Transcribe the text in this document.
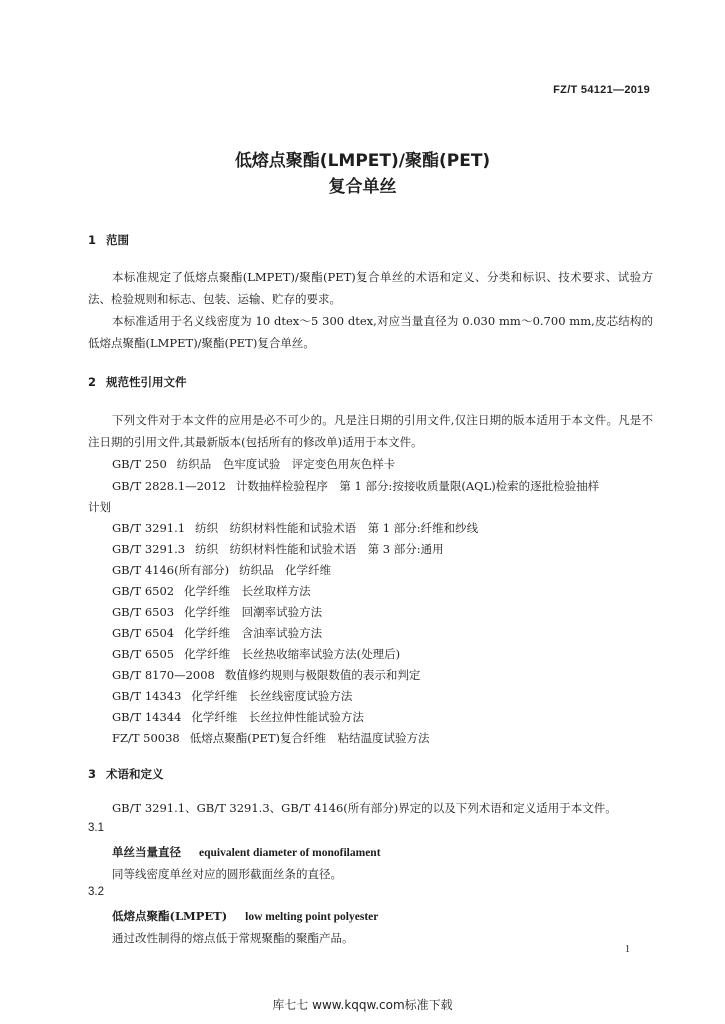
FZ/T 54121—2019
低熔点聚酯(LMPET)/聚酯(PET)
复合单丝
1 范围
本标准规定了低熔点聚酯(LMPET)/聚酯(PET)复合单丝的术语和定义、分类和标识、技术要求、试验方法、检验规则和标志、包装、运输、贮存的要求。
本标准适用于名义线密度为 10 dtex～5 300 dtex,对应当量直径为 0.030 mm～0.700 mm,皮芯结构的低熔点聚酯(LMPET)/聚酯(PET)复合单丝。
2 规范性引用文件
下列文件对于本文件的应用是必不可少的。凡是注日期的引用文件,仅注日期的版本适用于本文件。凡是不注日期的引用文件,其最新版本(包括所有的修改单)适用于本文件。
GB/T 250 纺织品　色牢度试验　评定变色用灰色样卡
GB/T 2828.1—2012 计数抽样检验程序　第 1 部分:按接收质量限(AQL)检索的逐批检验抽样
计划
GB/T 3291.1 纺织　纺织材料性能和试验术语　第 1 部分:纤维和纱线
GB/T 3291.3 纺织　纺织材料性能和试验术语　第 3 部分:通用
GB/T 4146(所有部分) 纺织品　化学纤维
GB/T 6502 化学纤维　长丝取样方法
GB/T 6503 化学纤维　回潮率试验方法
GB/T 6504 化学纤维　含油率试验方法
GB/T 6505 化学纤维　长丝热收缩率试验方法(处理后)
GB/T 8170—2008 数值修约规则与极限数值的表示和判定
GB/T 14343 化学纤维　长丝线密度试验方法
GB/T 14344 化学纤维　长丝拉伸性能试验方法
FZ/T 50038 低熔点聚酯(PET)复合纤维　粘结温度试验方法
3 术语和定义
GB/T 3291.1、GB/T 3291.3、GB/T 4146(所有部分)界定的以及下列术语和定义适用于本文件。
3.1
单丝当量直径 equivalent diameter of monofilament
同等线密度单丝对应的圆形截面丝条的直径。
3.2
低熔点聚酯(LMPET) low melting point polyester
通过改性制得的熔点低于常规聚酯的聚酯产品。
1
库七七 www.kqqw.com标准下载
